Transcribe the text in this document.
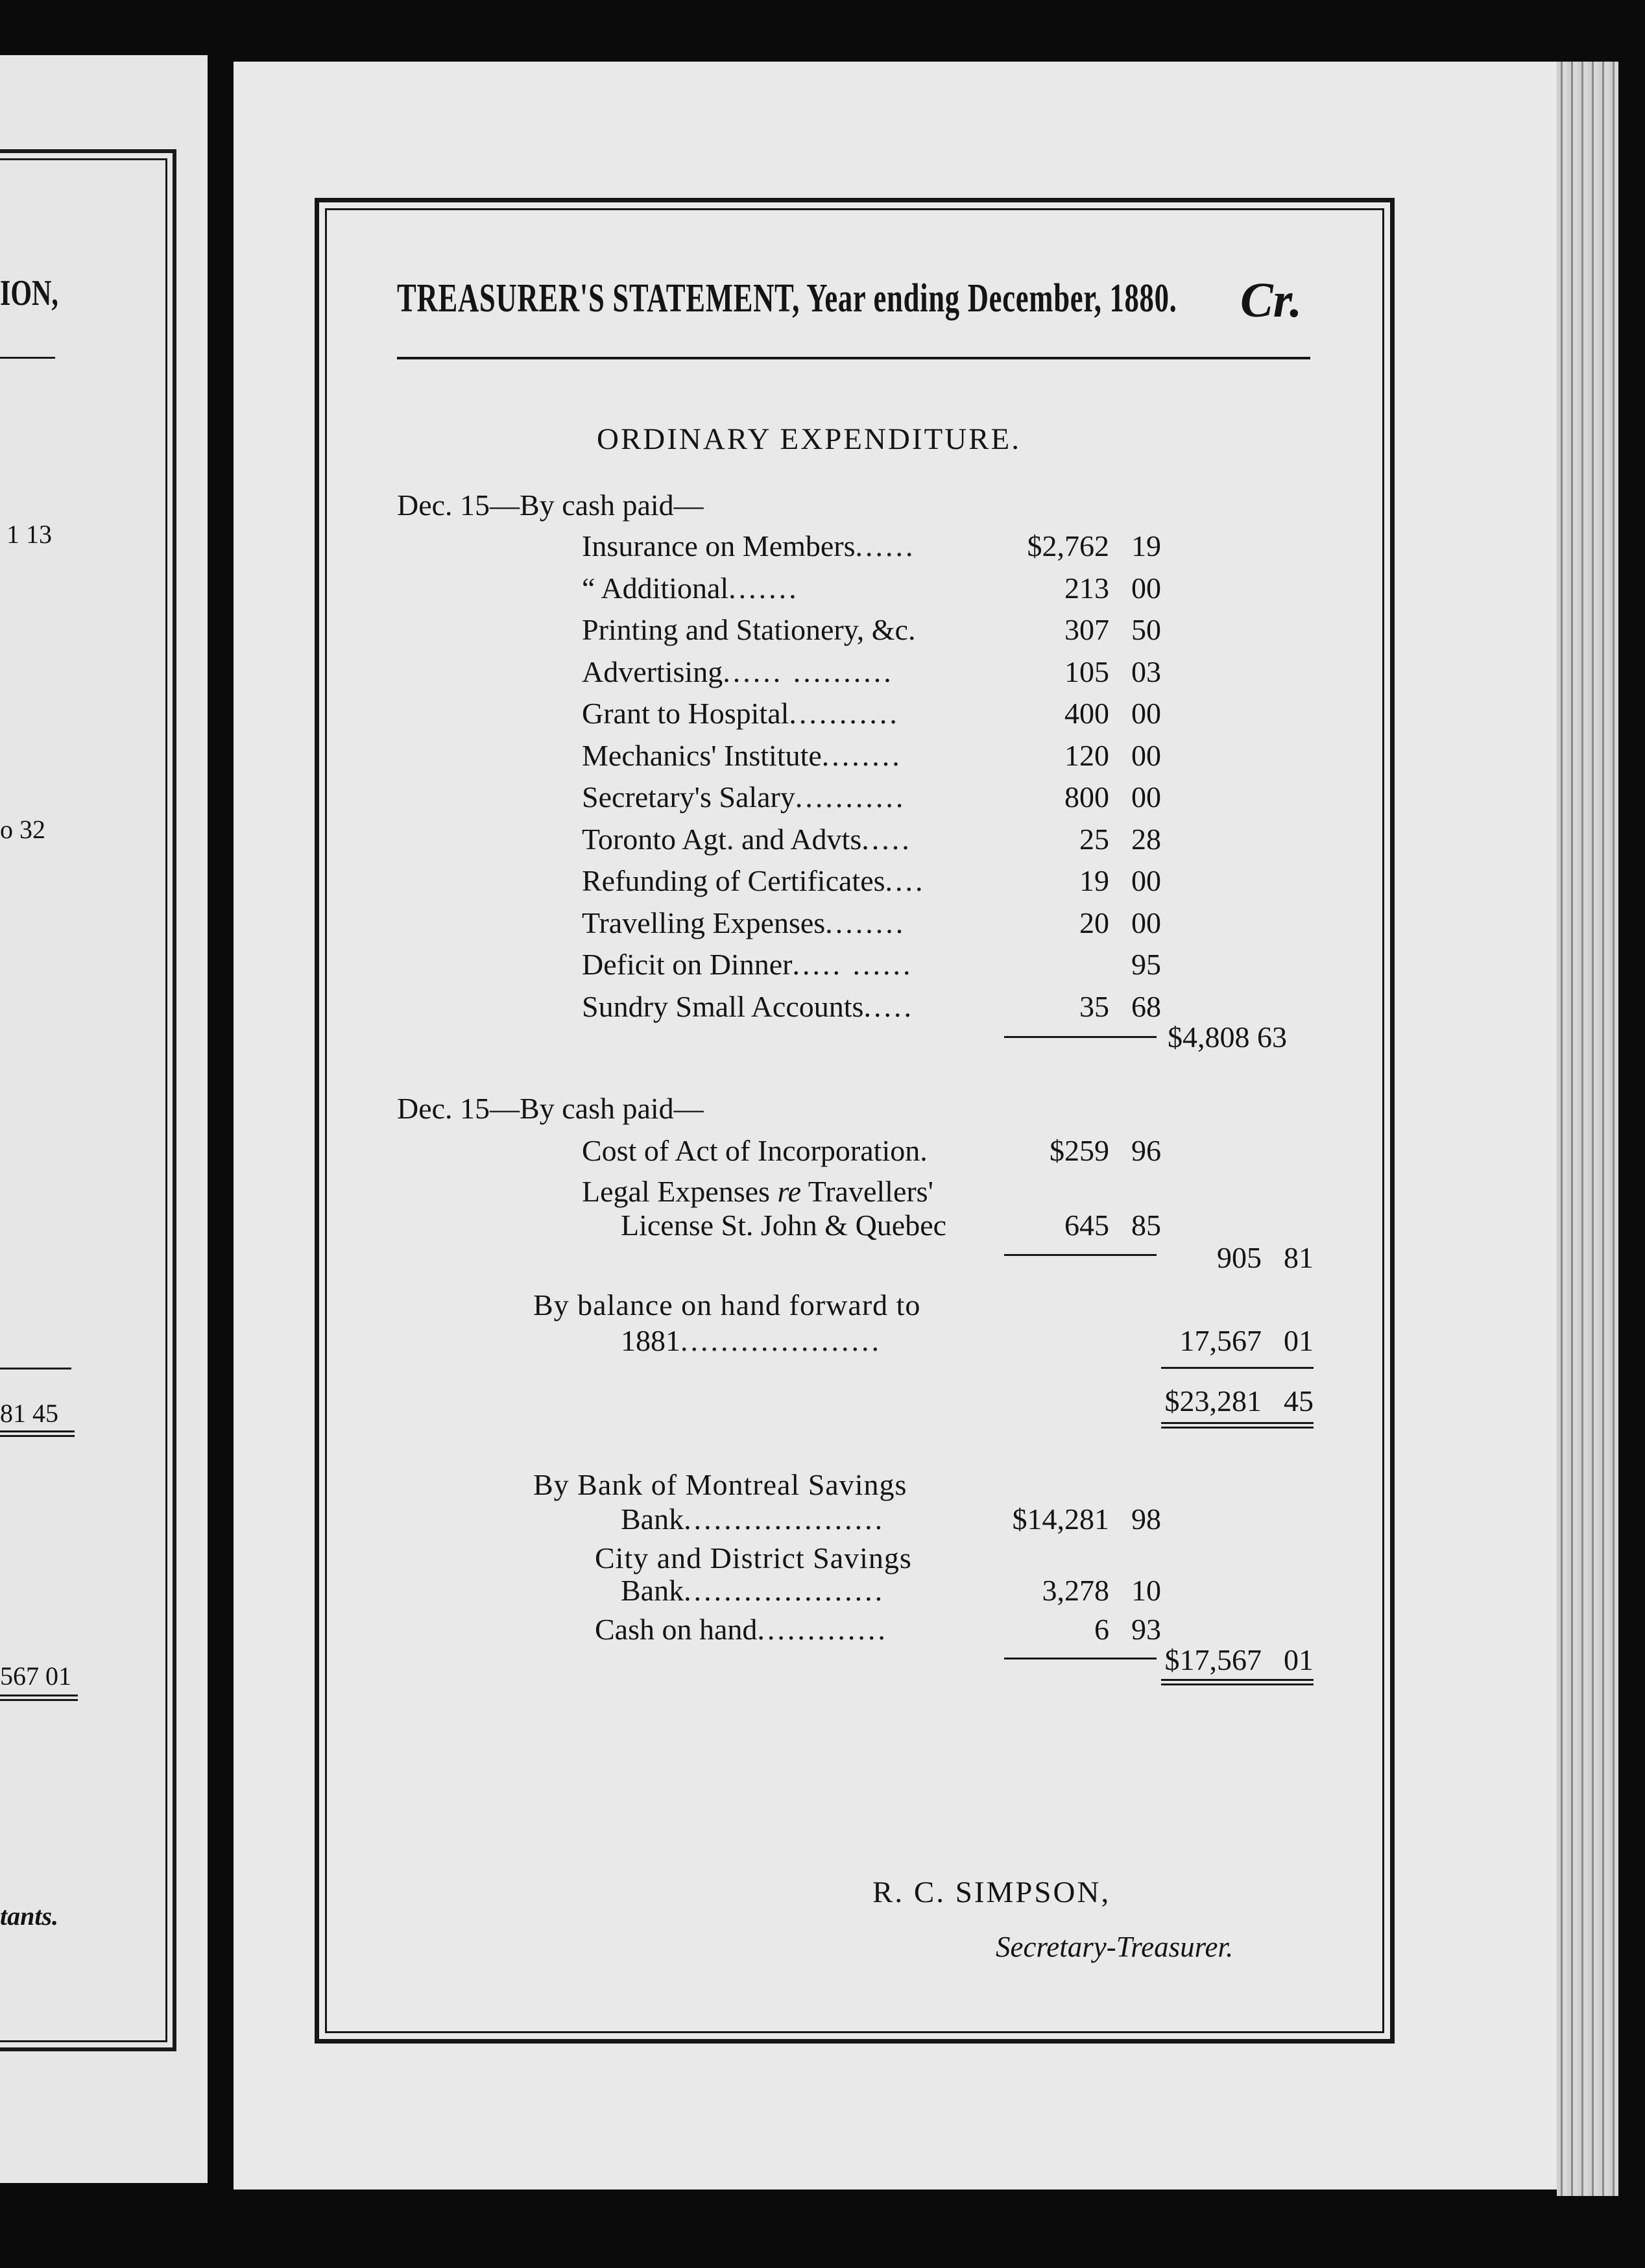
ION,
1 13
o 32
81 45
567 01
tants.
TREASURER'S STATEMENT, Year ending December, 1880. Cr.
ORDINARY EXPENDITURE.
Dec. 15—By cash paid—
Insurance on Members......	$2,762 19
“ Additional.......	213 00
Printing and Stationery, &c.	307 50
Advertising...... ..........	105 03
Grant to Hospital...........	400 00
Mechanics' Institute........	120 00
Secretary's Salary...........	800 00
Toronto Agt. and Advts.....	25 28
Refunding of Certificates....	19 00
Travelling Expenses........	20 00
Deficit on Dinner..... ......	95
Sundry Small Accounts.....	35 68
$4,808 63
Dec. 15—By cash paid—
Cost of Act of Incorporation.	$259 96
Legal Expenses re Travellers'
License St. John & Quebec	645 85
905 81
By balance on hand forward to
1881....................	17,567 01
$23,281 45
By Bank of Montreal Savings
Bank....................	$14,281 98
City and District Savings
Bank....................	3,278 10
Cash on hand.............	6 93
$17,567 01
R. C. SIMPSON,
Secretary-Treasurer.
